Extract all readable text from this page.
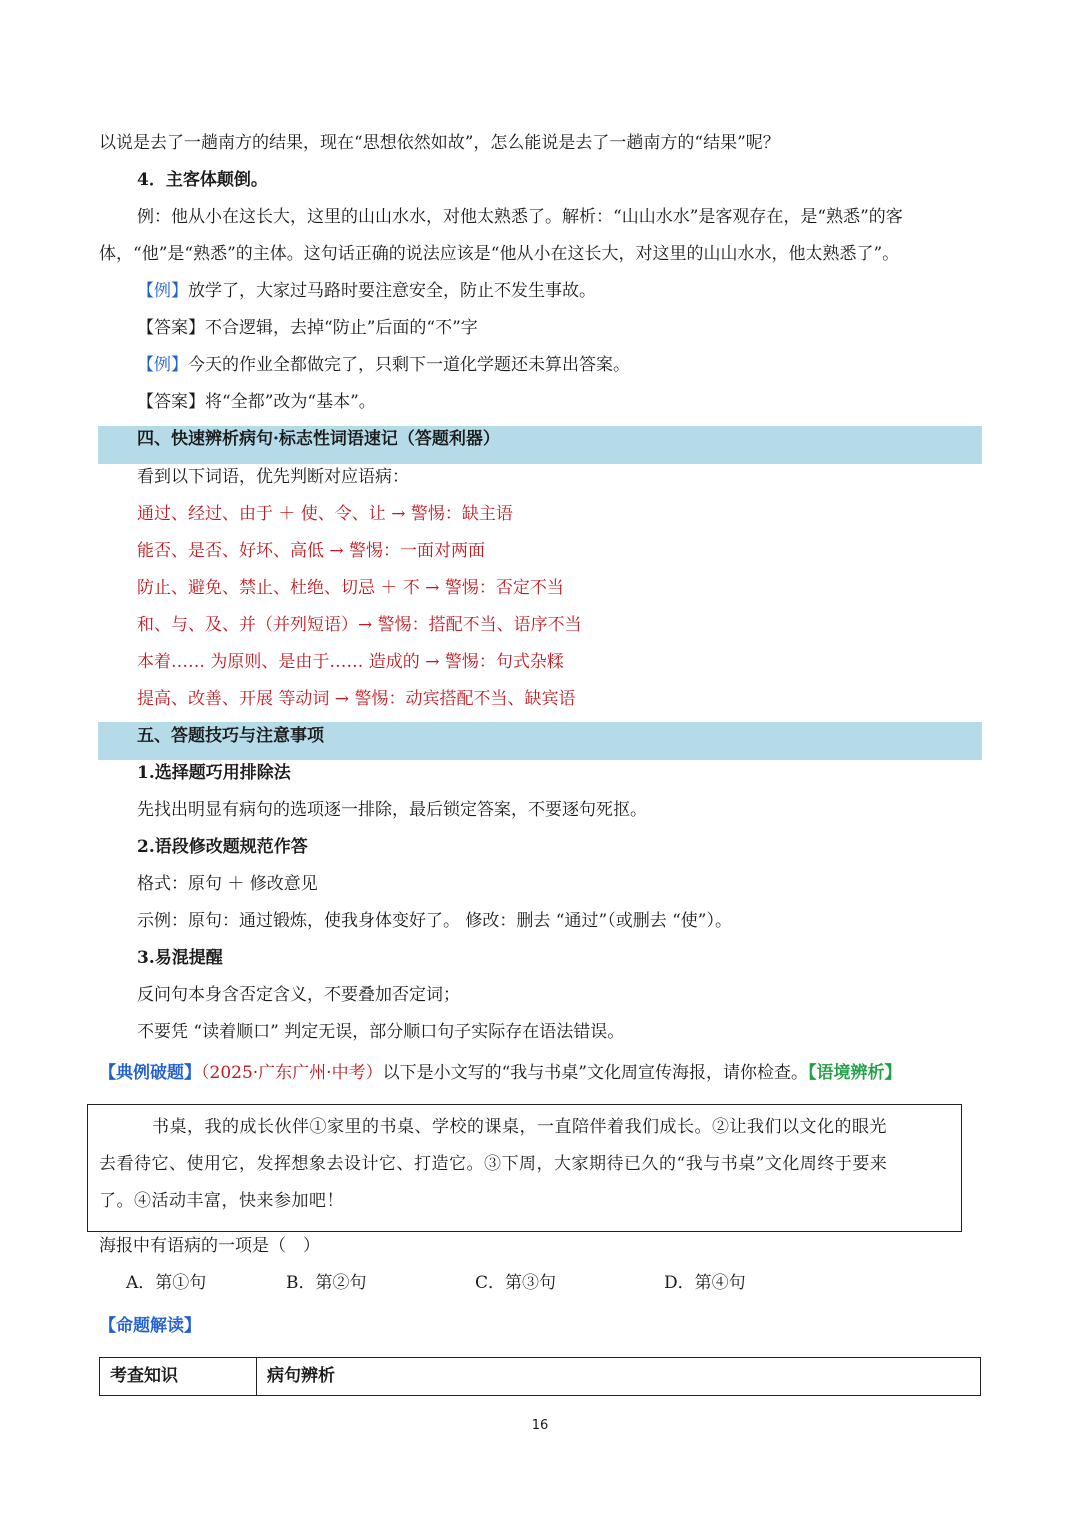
以说是去了一趟南方的结果，现在“思想依然如故”，怎么能说是去了一趟南方的“结果”呢？
4．主客体颠倒。
例：他从小在这长大，这里的山山水水，对他太熟悉了。解析：“山山水水”是客观存在，是“熟悉”的客
体，“他”是“熟悉”的主体。这句话正确的说法应该是“他从小在这长大，对这里的山山水水，他太熟悉了”。
【例】放学了，大家过马路时要注意安全，防止不发生事故。
【答案】不合逻辑，去掉“防止”后面的“不”字
【例】今天的作业全都做完了，只剩下一道化学题还未算出答案。
【答案】将“全都”改为“基本”。
四、快速辨析病句·标志性词语速记（答题利器）
看到以下词语，优先判断对应语病：
通过、经过、由于 ＋ 使、令、让 → 警惕：缺主语
能否、是否、好坏、高低 → 警惕：一面对两面
防止、避免、禁止、杜绝、切忌 ＋ 不 → 警惕：否定不当
和、与、及、并（并列短语）→ 警惕：搭配不当、语序不当
本着…… 为原则、是由于…… 造成的 → 警惕：句式杂糅
提高、改善、开展 等动词 → 警惕：动宾搭配不当、缺宾语
五、答题技巧与注意事项
1.选择题巧用排除法
先找出明显有病句的选项逐一排除，最后锁定答案，不要逐句死抠。
2.语段修改题规范作答
格式：原句 ＋ 修改意见
示例：原句：通过锻炼，使我身体变好了。 修改：删去 “通过”（或删去 “使”）。
3.易混提醒
反问句本身含否定含义，不要叠加否定词；
不要凭 “读着顺口” 判定无误，部分顺口句子实际存在语法错误。
【典例破题】（2025·广东广州·中考）以下是小文写的“我与书桌”文化周宣传海报，请你检查。【语境辨析】
书桌，我的成长伙伴①家里的书桌、学校的课桌，一直陪伴着我们成长。②让我们以文化的眼光
去看待它、使用它，发挥想象去设计它、打造它。③下周，大家期待已久的“我与书桌”文化周终于要来
了。④活动丰富，快来参加吧！
海报中有语病的一项是（　）
A．第①句	B．第②句	C．第③句	D．第④句
【命题解读】
考查知识	病句辨析
16
